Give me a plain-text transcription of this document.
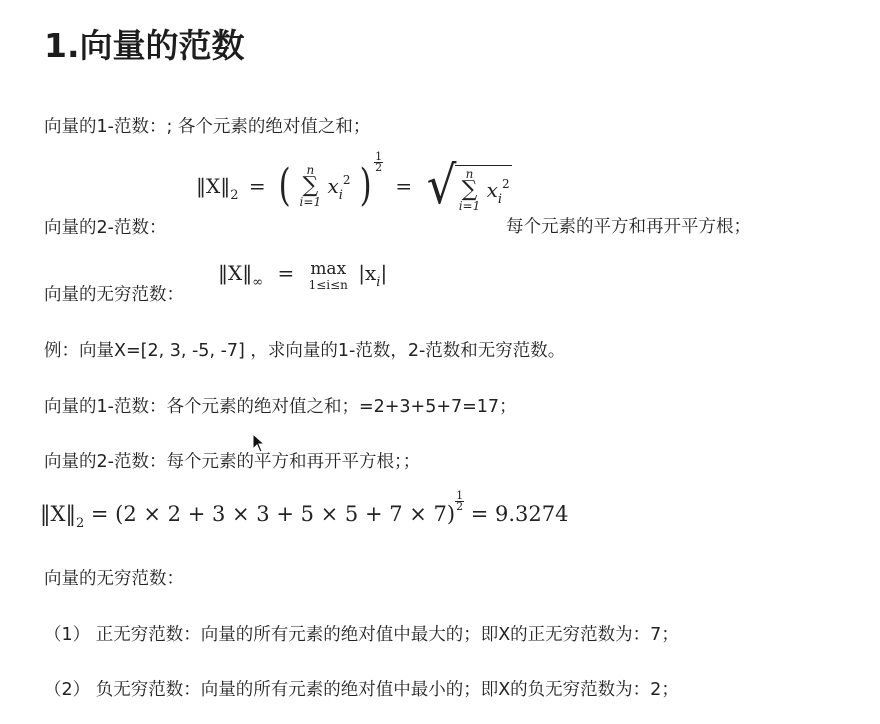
1.向量的范数
向量的1-范数：; 各个元素的绝对值之和；
向量的2-范数：
$‖X‖_2$ = (	n
∑
i=1
$x_i^2$ ) $\frac{1}{2}$
= √ n
∑
i=1
$x_i^2$
每个元素的平方和再开平方根；
向量的无穷范数：
$‖X‖_\infty = \max$
1≤i≤n $|x_i|$
例：向量X=[2, 3, -5, -7] ，求向量的1-范数，2-范数和无穷范数。
向量的1-范数：各个元素的绝对值之和；=2+3+5+7=17；
向量的2-范数：每个元素的平方和再开平方根；；
$‖X‖_2 = (2 \times 2 + 3 \times 3 + 5 \times 5 + 7 \times 7)$
$\frac{1}{2}$
= 9.3274
向量的无穷范数：
（1） 正无穷范数：向量的所有元素的绝对值中最大的；即X的正无穷范数为：7；
（2） 负无穷范数：向量的所有元素的绝对值中最小的；即X的负无穷范数为：2；
